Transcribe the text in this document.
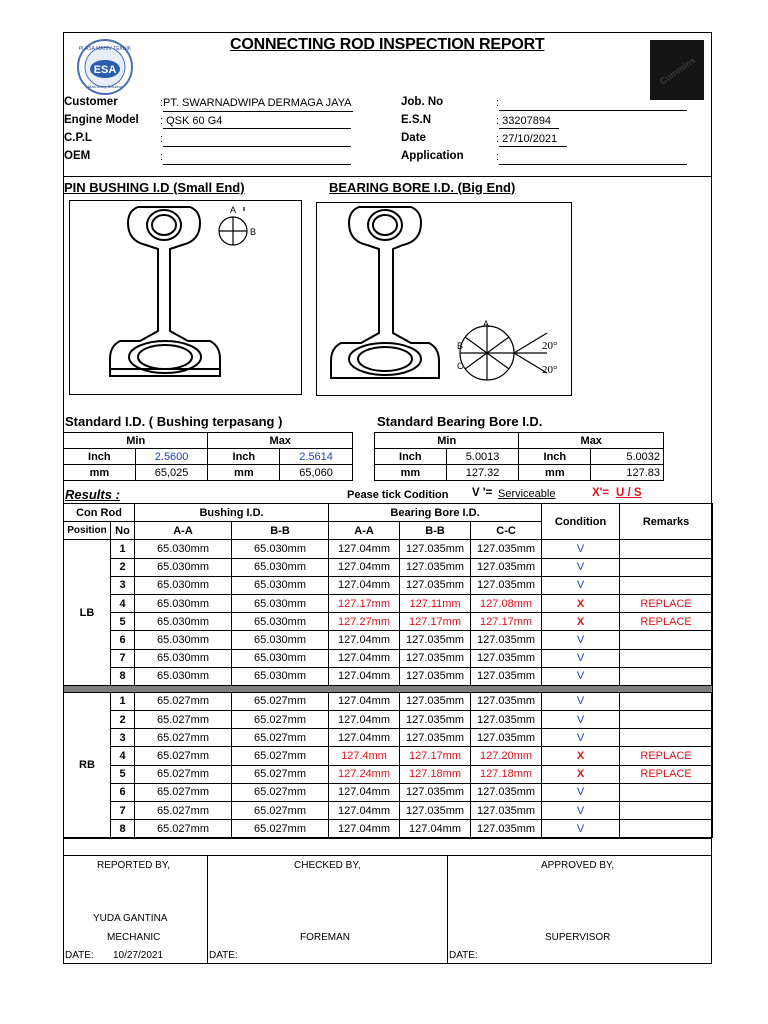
PLASA MAHIV TEKNIK
ESA
Machinery Solution	Cummins
CONNECTING ROD INSPECTION REPORT
Customer	:PT. SWARNADWIPA DERMAGA JAYA
Engine Model : QSK 60 G4
C.P.L	:
OEM	:
Job. No	:
E.S.N	: 33207894
Date	: 27/10/2021
Application	:
PIN BUSHING I.D (Small End)	BEARING BORE I.D. (Big End)
A
B
A
B
C
20°
20°
Standard I.D. ( Bushing terpasang )	Standard Bearing Bore I.D.
Min		Max	
Inch	2.5600	Inch	2.5614
mm	65,025	mm	65,060
Min		Max	
Inch	5.0013	Inch	5.0032
mm	127.32	mm	127.83
Results :	Pease tick Codition V '= Serviceable	X'= U / S
Con Rod		Bushing I.D.		Bearing Bore I.D.			Condition	Remarks
Position	No	A-A	B-B	A-A	B-B	C-C		
LB	1	65.030mm	65.030mm	127.04mm	127.035mm	127.035mm	V	
	2	65.030mm	65.030mm	127.04mm	127.035mm	127.035mm	V	
	3	65.030mm	65.030mm	127.04mm	127.035mm	127.035mm	V	
	4	65.030mm	65.030mm	127.17mm	127.11mm	127.08mm	X	REPLACE
	5	65.030mm	65.030mm	127.27mm	127.17mm	127.17mm	X	REPLACE
	6	65.030mm	65.030mm	127.04mm	127.035mm	127.035mm	V	
	7	65.030mm	65.030mm	127.04mm	127.035mm	127.035mm	V	
	8	65.030mm	65.030mm	127.04mm	127.035mm	127.035mm	V	

RB	1	65.027mm	65.027mm	127.04mm	127.035mm	127.035mm	V	
	2	65.027mm	65.027mm	127.04mm	127.035mm	127.035mm	V	
	3	65.027mm	65.027mm	127.04mm	127.035mm	127.035mm	V	
	4	65.027mm	65.027mm	127.4mm	127.17mm	127.20mm	X	REPLACE
	5	65.027mm	65.027mm	127.24mm	127.18mm	127.18mm	X	REPLACE
	6	65.027mm	65.027mm	127.04mm	127.035mm	127.035mm	V	
	7	65.027mm	65.027mm	127.04mm	127.035mm	127.035mm	V	
	8	65.027mm	65.027mm	127.04mm	127.04mm	127.035mm	V	
REPORTED BY,	CHECKED BY,	APPROVED BY,
YUDA GANTINA
MECHANIC	FOREMAN	SUPERVISOR
DATE: 10/27/2021	DATE:	DATE:
